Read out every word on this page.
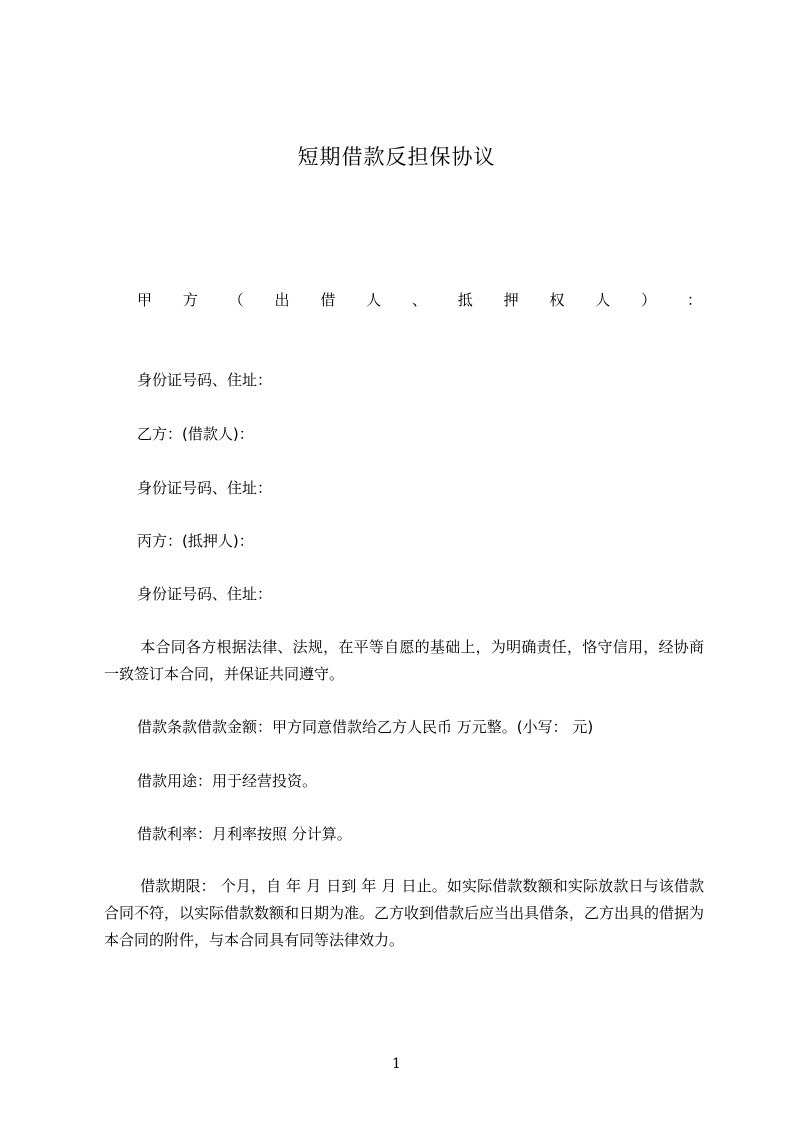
短期借款反担保协议
甲 方 （ 出 借 人 、 抵 押 权 人 ） ：

身份证号码、住址：

乙方：(借款人)：

身份证号码、住址：

丙方：(抵押人)：

身份证号码、住址：

本合同各方根据法律、法规，在平等自愿的基础上，为明确责任，恪守信用，经协商一致签订本合同，并保证共同遵守。

借款条款借款金额：甲方同意借款给乙方人民币 万元整。(小写： 元)

借款用途：用于经营投资。

借款利率：月利率按照 分计算。

借款期限： 个月，自 年 月 日到 年 月 日止。如实际借款数额和实际放款日与该借款合同不符，以实际借款数额和日期为准。乙方收到借款后应当出具借条，乙方出具的借据为本合同的附件，与本合同具有同等法律效力。

1
